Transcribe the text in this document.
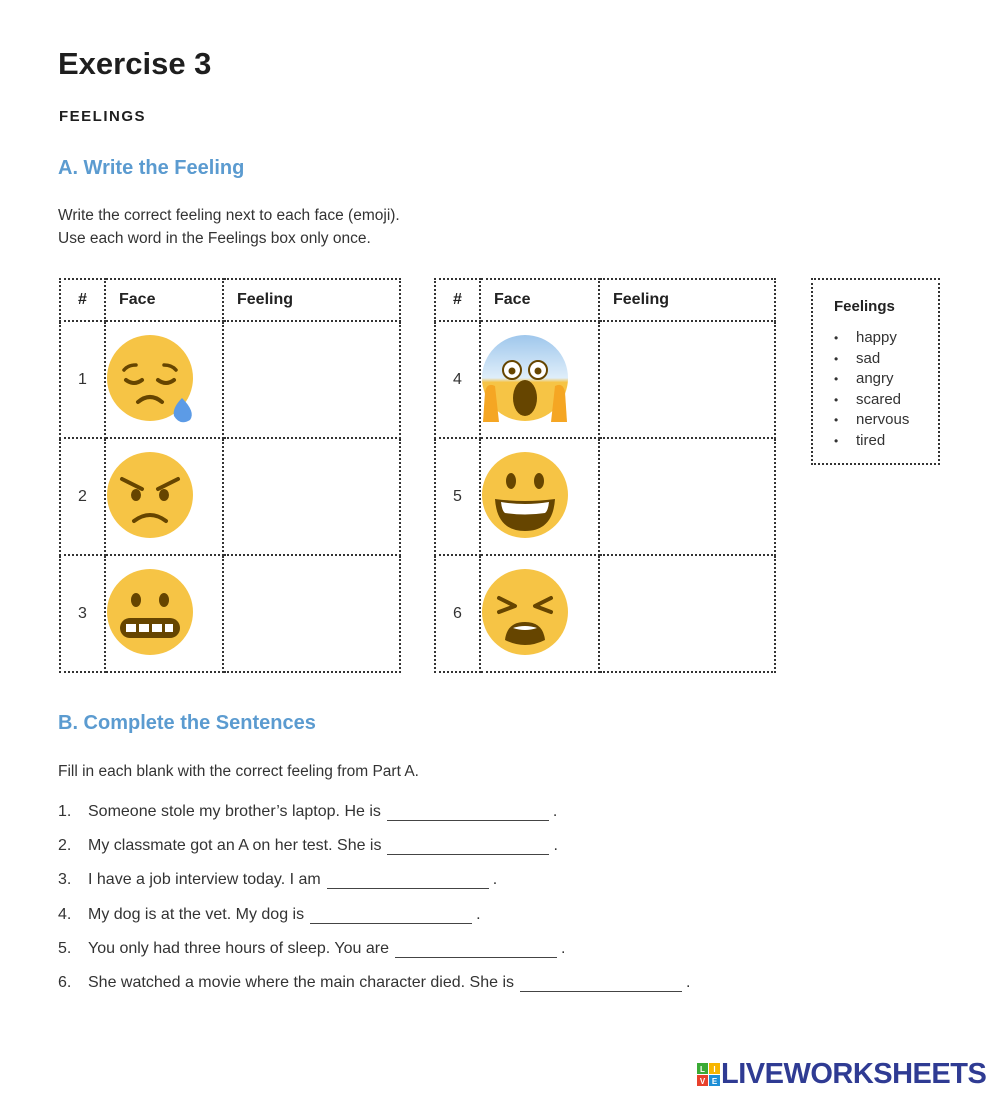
Exercise 3
FEELINGS
A. Write the Feeling
Write the correct feeling next to each face (emoji).
Use each word in the Feelings box only once.
#	Face	Feeling
1	

2	

3	

#	Face	Feeling
4	

5	

6	

Feelings
• happy
• sad
• angry
• scared
• nervous
• tired
B. Complete the Sentences
Fill in each blank with the correct feeling from Part A.
1.	Someone stole my brother’s laptop. He is	.
2.	My classmate got an A on her test. She is	.
3.	I have a job interview today. I am	.
4.	My dog is at the vet. My dog is	.
5.	You only had three hours of sleep. You are	.
6.	She watched a movie where the main character died. She is	.
L I
V E LIVEWORKSHEETS
